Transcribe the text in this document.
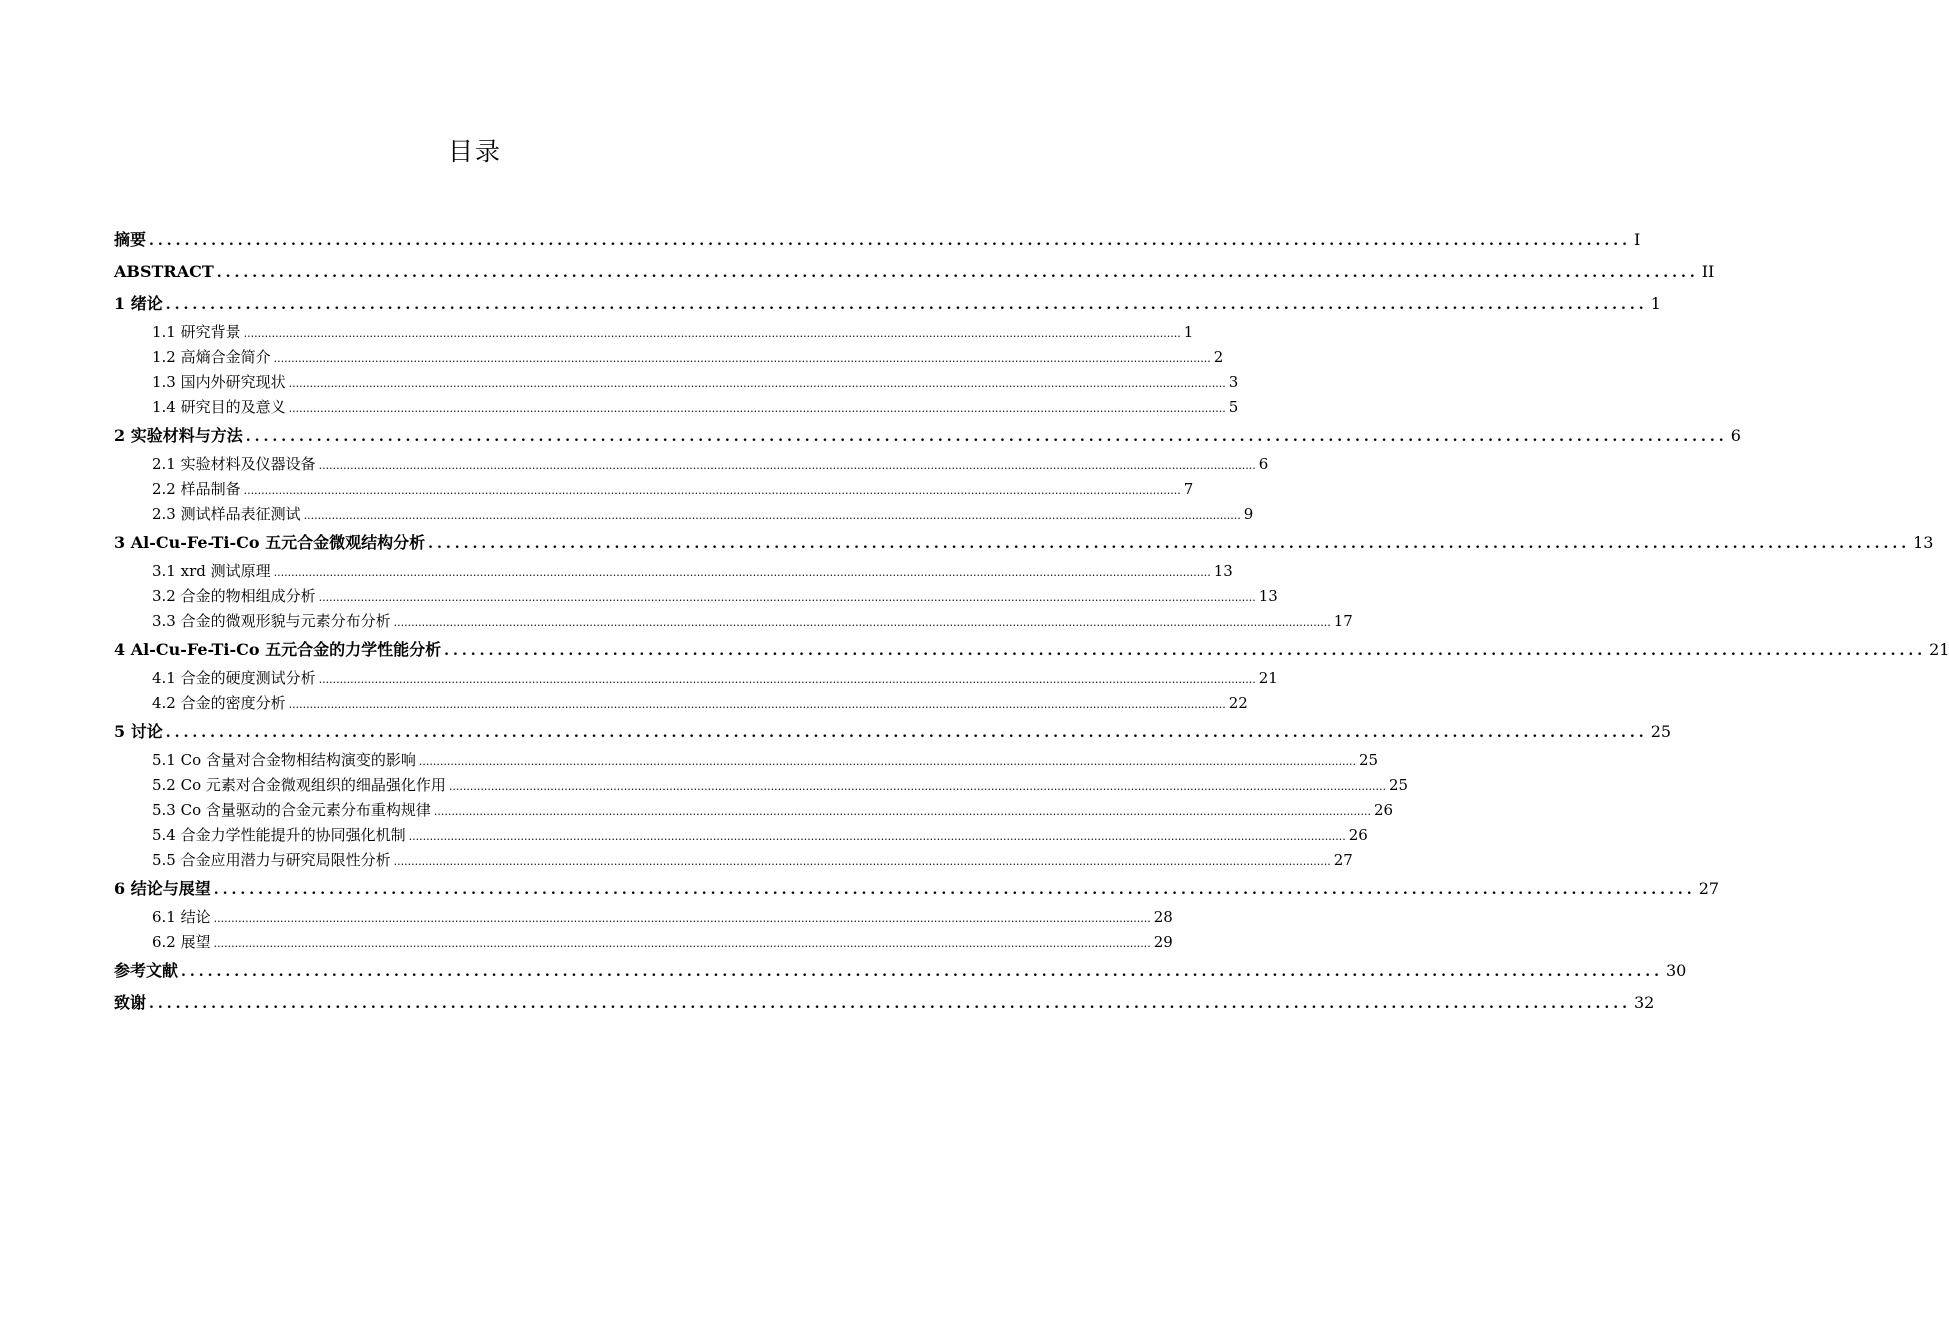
目录
摘要 ....................................................................................................................................................................... I
ABSTRACT ....................................................................................................................................................................... II
1 绪论 ....................................................................................................................................................................... 1
1.1 研究背景 ............................................................................................................................................................................................................................................................................ 1
1.2 高熵合金简介 ............................................................................................................................................................................................................................................................................ 2
1.3 国内外研究现状 ............................................................................................................................................................................................................................................................................ 3
1.4 研究目的及意义 ............................................................................................................................................................................................................................................................................ 5
2 实验材料与方法 ....................................................................................................................................................................... 6
2.1 实验材料及仪器设备 ............................................................................................................................................................................................................................................................................ 6
2.2 样品制备 ............................................................................................................................................................................................................................................................................ 7
2.3 测试样品表征测试 ............................................................................................................................................................................................................................................................................ 9
3 Al-Cu-Fe-Ti-Co 五元合金微观结构分析 ....................................................................................................................................................................... 13
3.1 xrd 测试原理 ............................................................................................................................................................................................................................................................................ 13
3.2 合金的物相组成分析 ............................................................................................................................................................................................................................................................................ 13
3.3 合金的微观形貌与元素分布分析 ............................................................................................................................................................................................................................................................................ 17
4 Al-Cu-Fe-Ti-Co 五元合金的力学性能分析 ....................................................................................................................................................................... 21
4.1 合金的硬度测试分析 ............................................................................................................................................................................................................................................................................ 21
4.2 合金的密度分析 ............................................................................................................................................................................................................................................................................ 22
5 讨论 ....................................................................................................................................................................... 25
5.1 Co 含量对合金物相结构演变的影响 ............................................................................................................................................................................................................................................................................ 25
5.2 Co 元素对合金微观组织的细晶强化作用 ............................................................................................................................................................................................................................................................................ 25
5.3 Co 含量驱动的合金元素分布重构规律 ............................................................................................................................................................................................................................................................................ 26
5.4 合金力学性能提升的协同强化机制 ............................................................................................................................................................................................................................................................................ 26
5.5 合金应用潜力与研究局限性分析 ............................................................................................................................................................................................................................................................................ 27
6 结论与展望 ....................................................................................................................................................................... 27
6.1 结论 ............................................................................................................................................................................................................................................................................ 28
6.2 展望 ............................................................................................................................................................................................................................................................................ 29
参考文献 ....................................................................................................................................................................... 30
致谢 ....................................................................................................................................................................... 32
